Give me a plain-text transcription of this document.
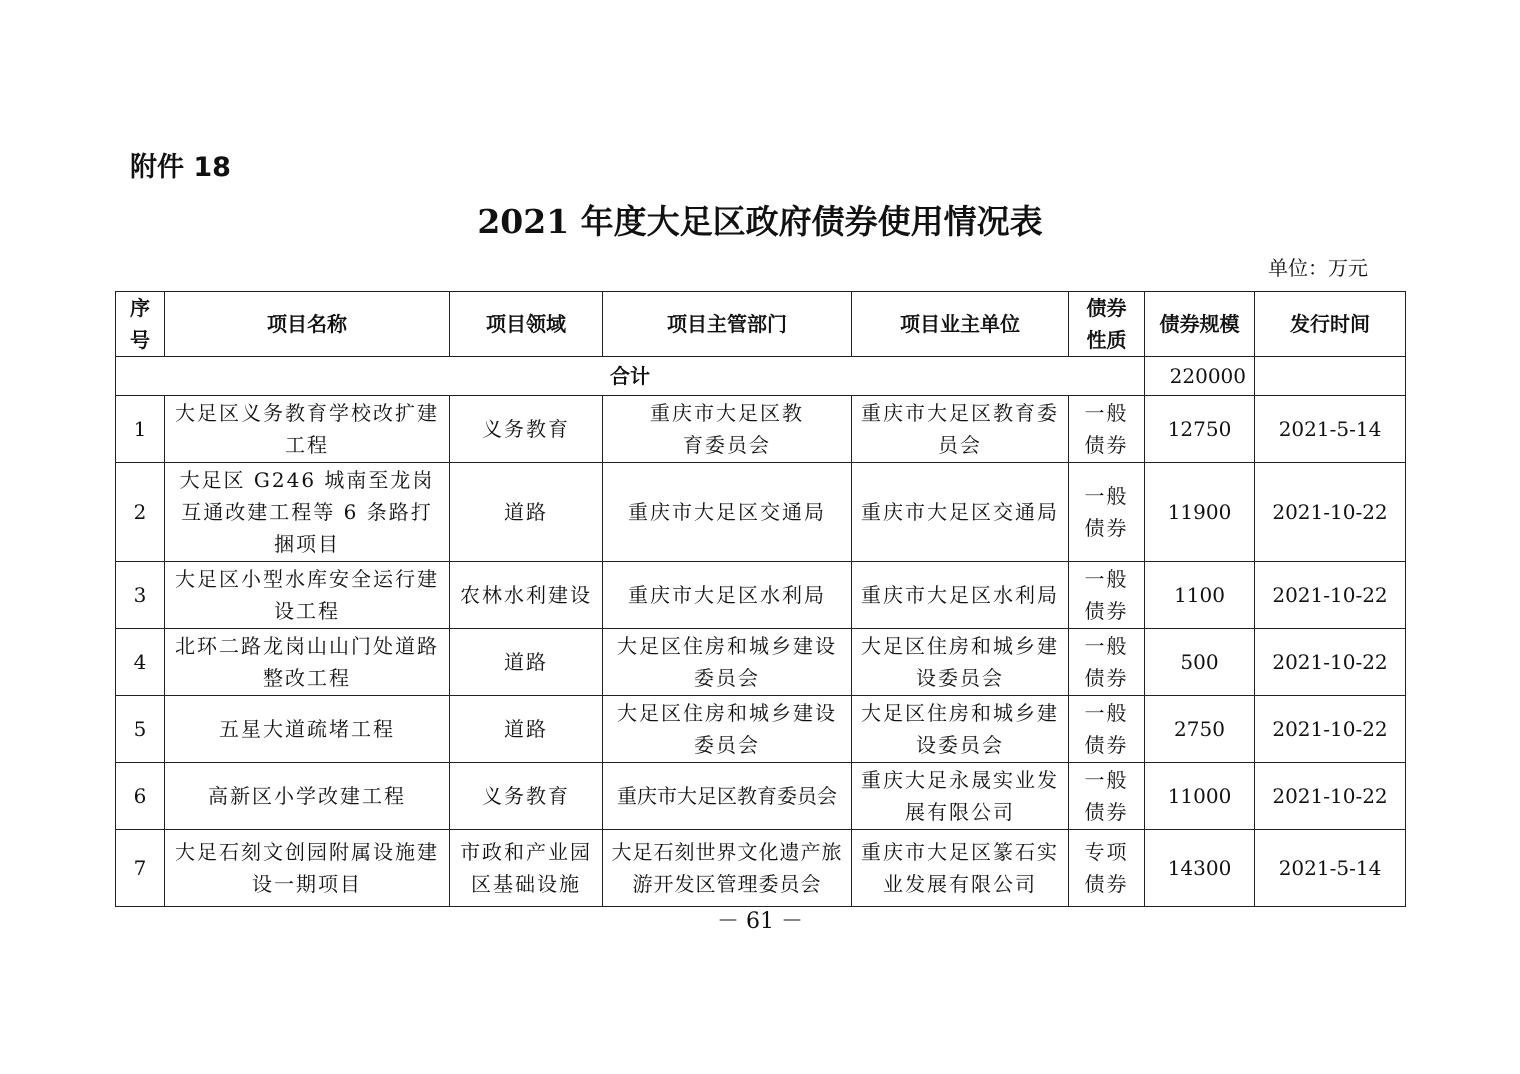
附件 18
2021 年度大足区政府债券使用情况表
单位：万元
序号	项目名称	项目领域	项目主管部门	项目业主单位	债券性质	债券规模	发行时间
合计						220000	
1	大足区义务教育学校改扩建工程	义务教育	重庆市大足区教育委员会	重庆市大足区教育委员会	一般债券	12750	2021-5-14
2	大足区 G246 城南至龙岗互通改建工程等 6 条路打捆项目	道路	重庆市大足区交通局	重庆市大足区交通局	一般债券	11900	2021-10-22
3	大足区小型水库安全运行建设工程	农林水利建设	重庆市大足区水利局	重庆市大足区水利局	一般债券	1100	2021-10-22
4	北环二路龙岗山山门处道路整改工程	道路	大足区住房和城乡建设委员会	大足区住房和城乡建设委员会	一般债券	500	2021-10-22
5	五星大道疏堵工程	道路	大足区住房和城乡建设委员会	大足区住房和城乡建设委员会	一般债券	2750	2021-10-22
6	高新区小学改建工程	义务教育	重庆市大足区教育委员会	重庆大足永晟实业发展有限公司	一般债券	11000	2021-10-22
7	大足石刻文创园附属设施建设一期项目	市政和产业园区基础设施	大足石刻世界文化遗产旅游开发区管理委员会	重庆市大足区篆石实业发展有限公司	专项债券	14300	2021-5-14
－ 61 －
